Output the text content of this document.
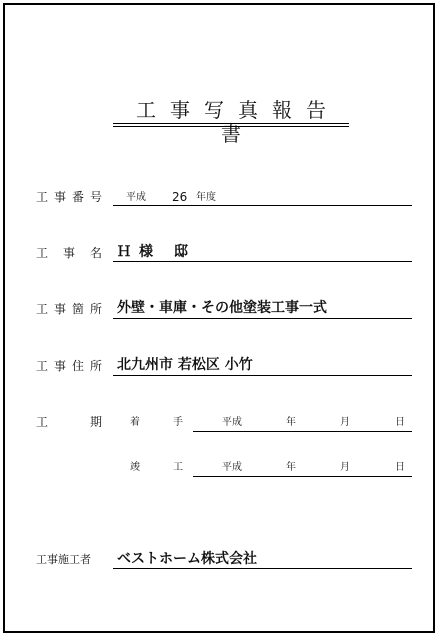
工事写真報告書
工 事 番 号 平成 26 年度
工 事 名 Ｈ様 邸
工 事 箇 所 外壁・車庫・その他塗装工事一式
工 事 住 所 北九州市 若松区 小竹
工	期	着	手	平成	年	月	日
竣	工	平成	年	月	日
工事施工者 ベストホーム株式会社
